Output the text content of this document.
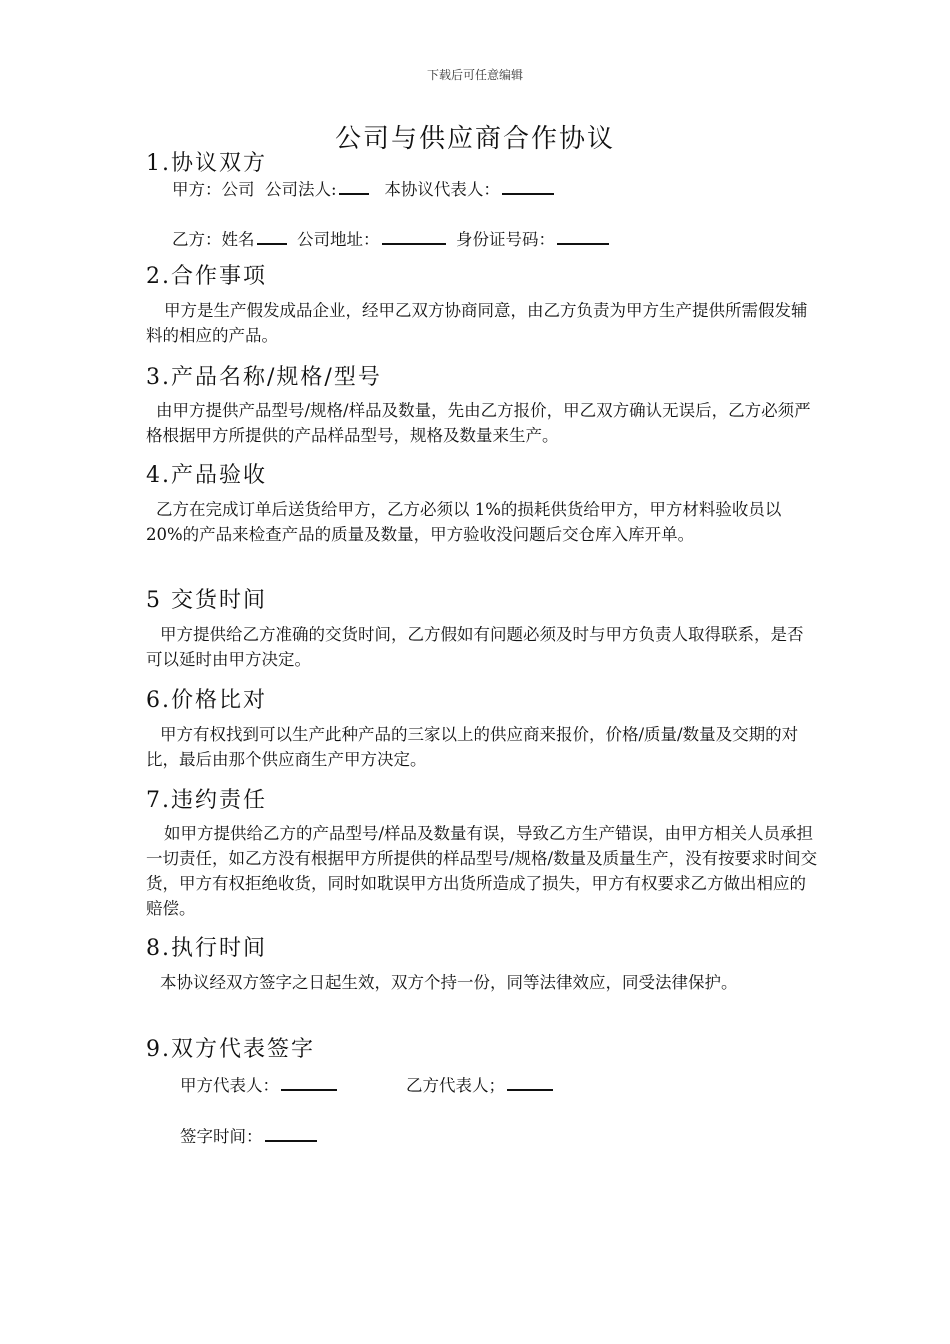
下载后可任意编辑
公司与供应商合作协议
1.协议双方
甲方：公司 公司法人:	本协议代表人：
乙方：姓名	公司地址：	身份证号码：
2.合作事项
甲方是生产假发成品企业，经甲乙双方协商同意，由乙方负责为甲方生产提供所需假发辅料的相应的产品。
3.产品名称/规格/型号
由甲方提供产品型号/规格/样品及数量，先由乙方报价，甲乙双方确认无误后，乙方必须严格根据甲方所提供的产品样品型号，规格及数量来生产。
4.产品验收
乙方在完成订单后送货给甲方，乙方必须以 1%的损耗供货给甲方，甲方材料验收员以 20%的产品来检查产品的质量及数量，甲方验收没问题后交仓库入库开单。
5 交货时间
甲方提供给乙方准确的交货时间，乙方假如有问题必须及时与甲方负责人取得联系，是否可以延时由甲方决定。
6.价格比对
甲方有权找到可以生产此种产品的三家以上的供应商来报价，价格/质量/数量及交期的对比，最后由那个供应商生产甲方决定。
7.违约责任
如甲方提供给乙方的产品型号/样品及数量有误，导致乙方生产错误，由甲方相关人员承担一切责任，如乙方没有根据甲方所提供的样品型号/规格/数量及质量生产，没有按要求时间交货，甲方有权拒绝收货，同时如耽误甲方出货所造成了损失，甲方有权要求乙方做出相应的赔偿。
8.执行时间
本协议经双方签字之日起生效，双方个持一份，同等法律效应，同受法律保护。
9.双方代表签字
甲方代表人：	乙方代表人；
签字时间：
